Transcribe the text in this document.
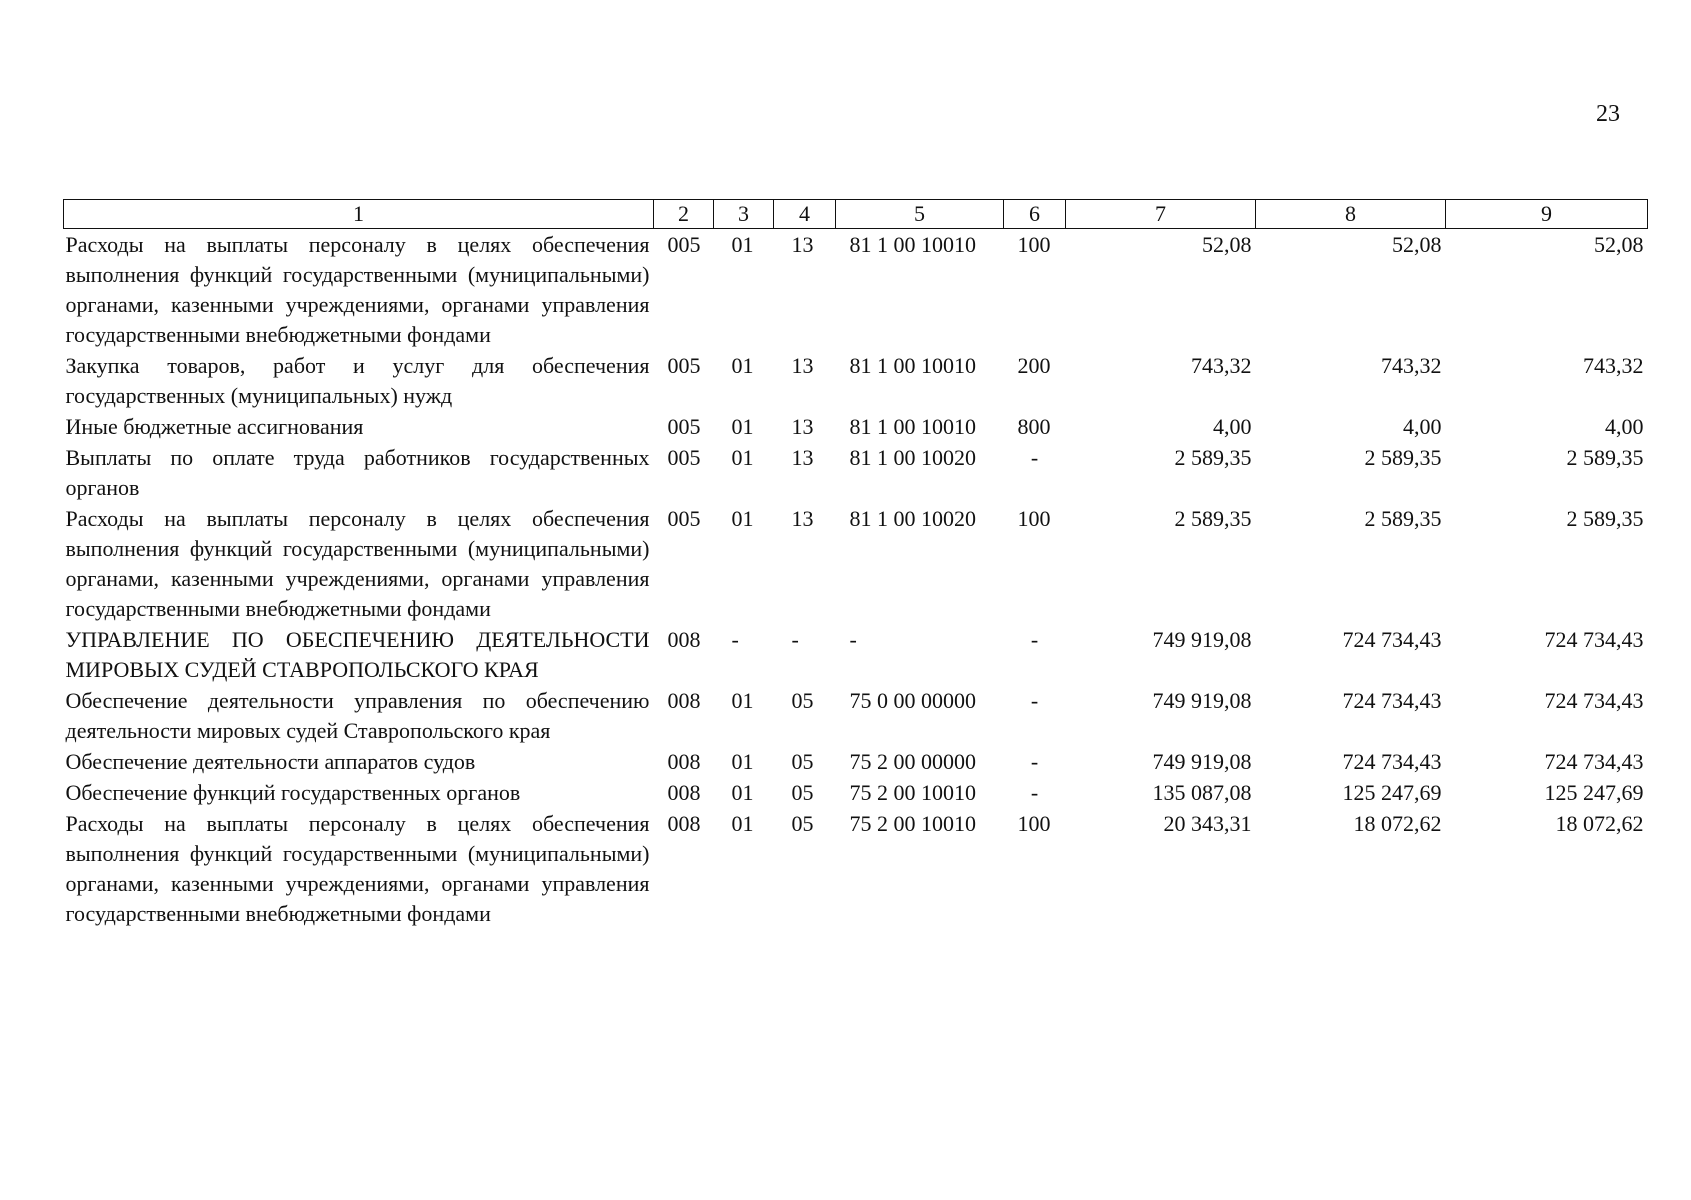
23
1	2	3	4	5	6	7	8	9
Расходы на выплаты персоналу в целях обеспечения выполнения функций государственными (муниципальными) органами, казенными учреждениями, органами управления государственными внебюджетными фондами	005	01	13	81 1 00 10010	100	52,08	52,08	52,08
Закупка товаров, работ и услуг для обеспечения государственных (муниципальных) нужд	005	01	13	81 1 00 10010	200	743,32	743,32	743,32
Иные бюджетные ассигнования	005	01	13	81 1 00 10010	800	4,00	4,00	4,00
Выплаты по оплате труда работников государственных органов	005	01	13	81 1 00 10020	-	2 589,35	2 589,35	2 589,35
Расходы на выплаты персоналу в целях обеспечения выполнения функций государственными (муниципальными) органами, казенными учреждениями, органами управления государственными внебюджетными фондами	005	01	13	81 1 00 10020	100	2 589,35	2 589,35	2 589,35
УПРАВЛЕНИЕ ПО ОБЕСПЕЧЕНИЮ ДЕЯТЕЛЬНОСТИ МИРОВЫХ СУДЕЙ СТАВРОПОЛЬСКОГО КРАЯ	008	-	-	-	-	749 919,08	724 734,43	724 734,43
Обеспечение деятельности управления по обеспечению деятельности мировых судей Ставропольского края	008	01	05	75 0 00 00000	-	749 919,08	724 734,43	724 734,43
Обеспечение деятельности аппаратов судов	008	01	05	75 2 00 00000	-	749 919,08	724 734,43	724 734,43
Обеспечение функций государственных органов	008	01	05	75 2 00 10010	-	135 087,08	125 247,69	125 247,69
Расходы на выплаты персоналу в целях обеспечения выполнения функций государственными (муниципальными) органами, казенными учреждениями, органами управления государственными внебюджетными фондами	008	01	05	75 2 00 10010	100	20 343,31	18 072,62	18 072,62
